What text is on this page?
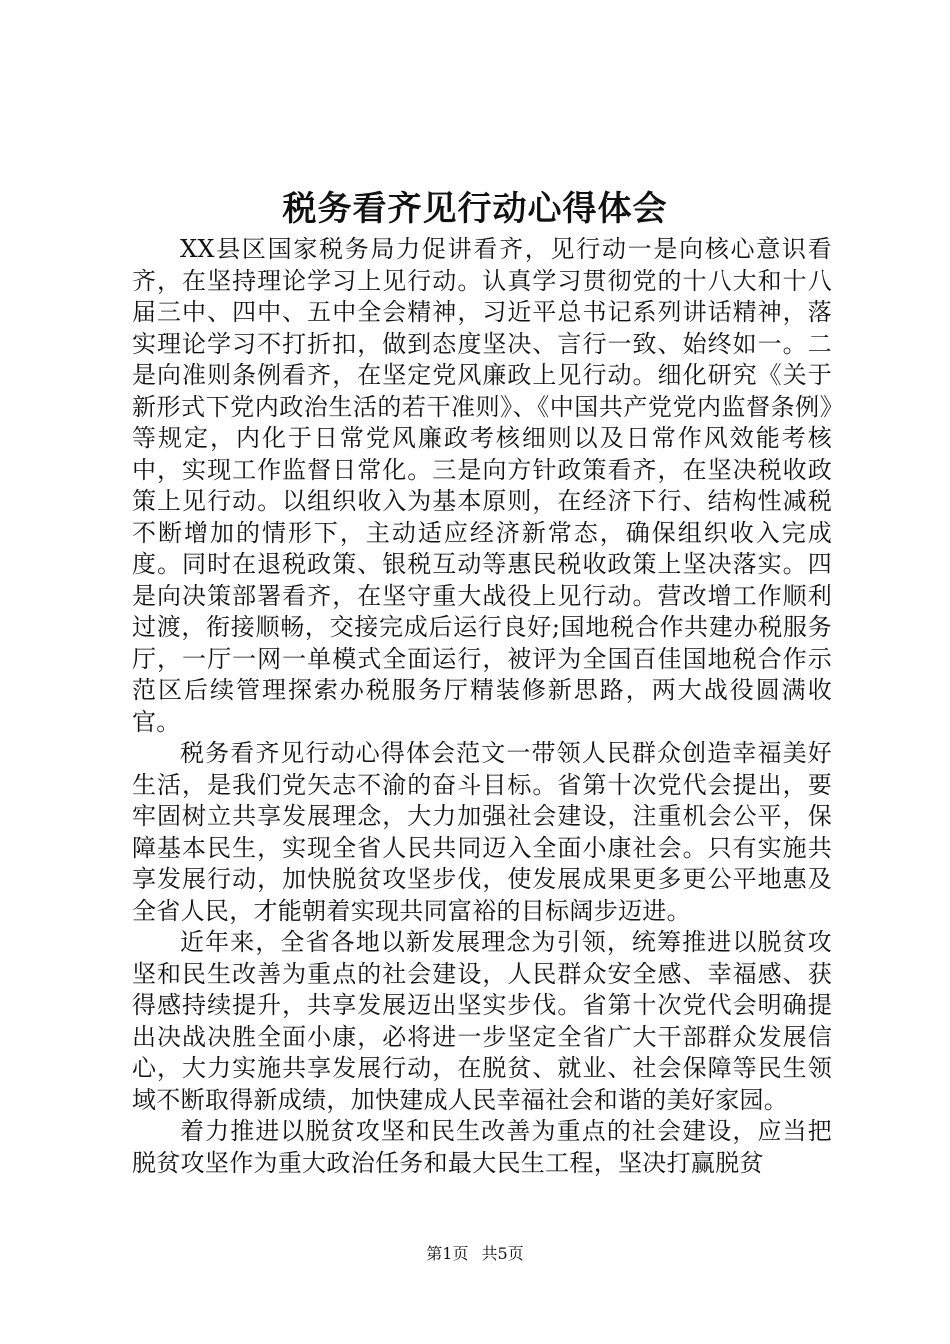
税务看齐见行动心得体会

XX县区国家税务局力促讲看齐，见行动一是向核心意识看齐，在坚持理论学习上见行动。认真学习贯彻党的十八大和十八届三中、四中、五中全会精神，习近平总书记系列讲话精神，落实理论学习不打折扣，做到态度坚决、言行一致、始终如一。二是向准则条例看齐，在坚定党风廉政上见行动。细化研究《关于新形式下党内政治生活的若干准则》、《中国共产党党内监督条例》等规定，内化于日常党风廉政考核细则以及日常作风效能考核中，实现工作监督日常化。三是向方针政策看齐，在坚决税收政策上见行动。以组织收入为基本原则，在经济下行、结构性减税不断增加的情形下，主动适应经济新常态，确保组织收入完成度。同时在退税政策、银税互动等惠民税收政策上坚决落实。四是向决策部署看齐，在坚守重大战役上见行动。营改增工作顺利过渡，衔接顺畅，交接完成后运行良好;国地税合作共建办税服务厅，一厅一网一单模式全面运行，被评为全国百佳国地税合作示范区后续管理探索办税服务厅精装修新思路，两大战役圆满收官。

税务看齐见行动心得体会范文一带领人民群众创造幸福美好生活，是我们党矢志不渝的奋斗目标。省第十次党代会提出，要牢固树立共享发展理念，大力加强社会建设，注重机会公平，保障基本民生，实现全省人民共同迈入全面小康社会。只有实施共享发展行动，加快脱贫攻坚步伐，使发展成果更多更公平地惠及全省人民，才能朝着实现共同富裕的目标阔步迈进。

近年来，全省各地以新发展理念为引领，统筹推进以脱贫攻坚和民生改善为重点的社会建设，人民群众安全感、幸福感、获得感持续提升，共享发展迈出坚实步伐。省第十次党代会明确提出决战决胜全面小康，必将进一步坚定全省广大干部群众发展信心，大力实施共享发展行动，在脱贫、就业、社会保障等民生领域不断取得新成绩，加快建成人民幸福社会和谐的美好家园。

着力推进以脱贫攻坚和民生改善为重点的社会建设，应当把脱贫攻坚作为重大政治任务和最大民生工程，坚决打赢脱贫

第1页 共5页
